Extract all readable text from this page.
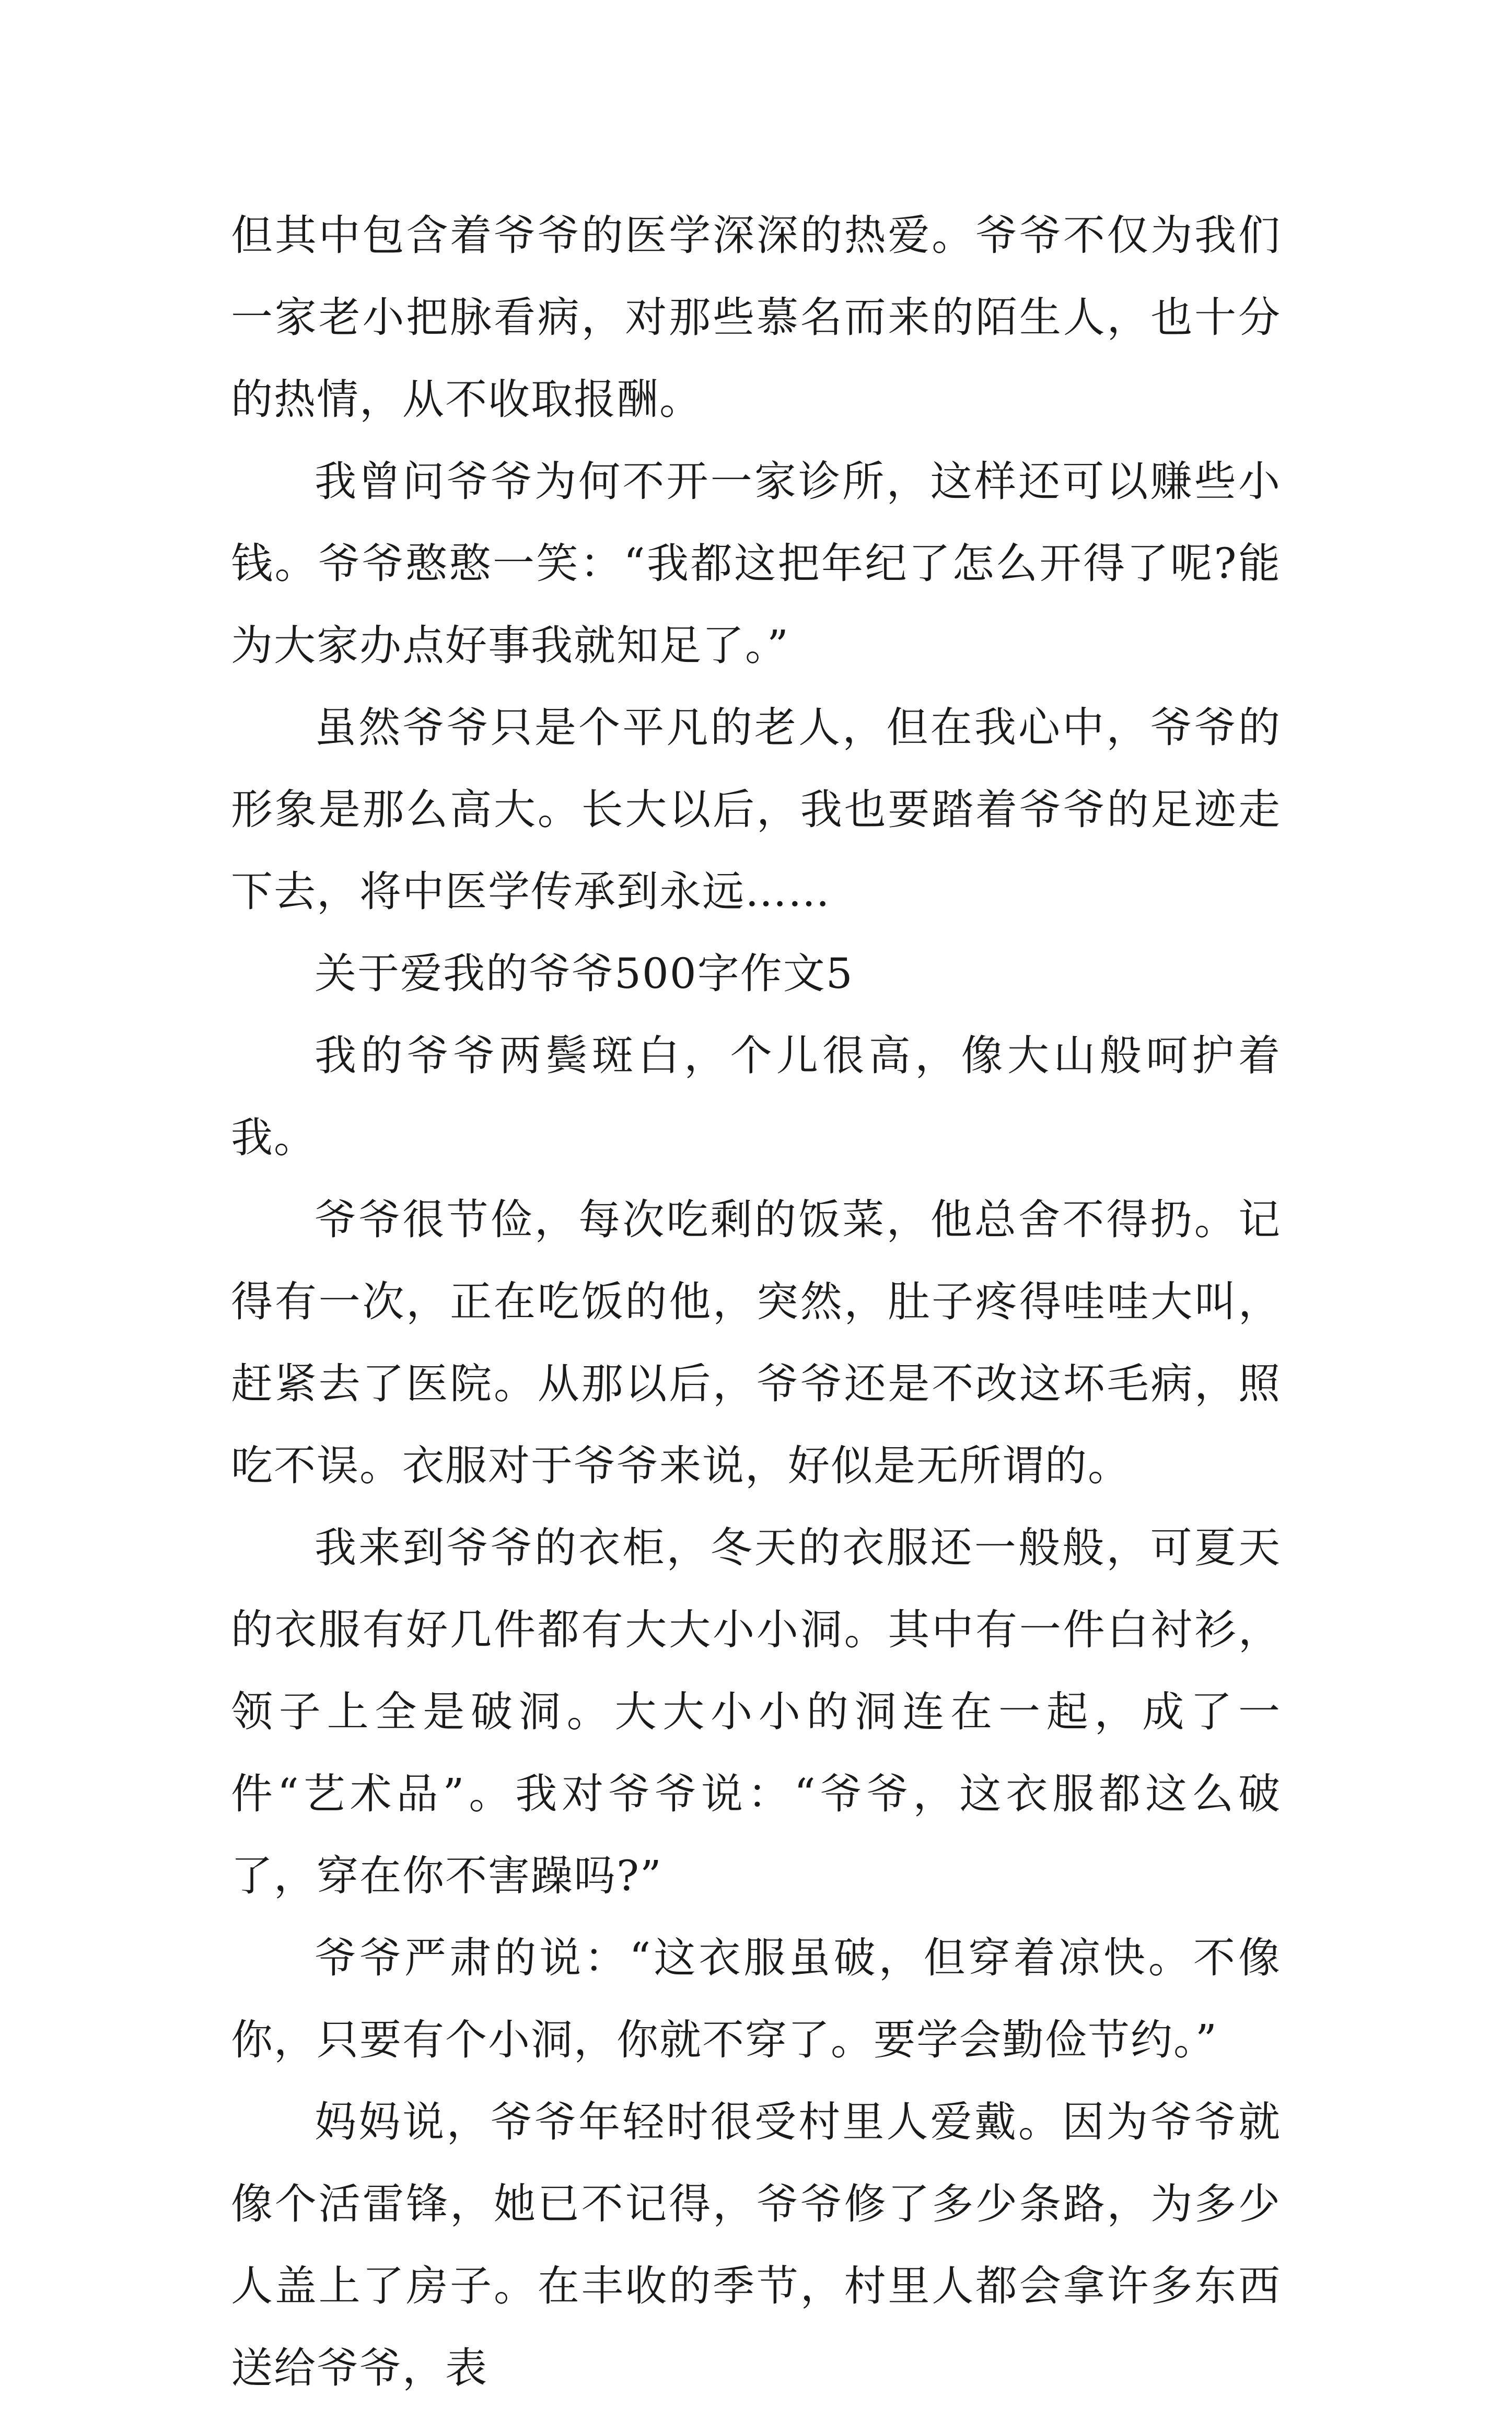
但其中包含着爷爷的医学深深的热爱。爷爷不仅为我们一家老小把脉看病，对那些慕名而来的陌生人，也十分的热情，从不收取报酬。

我曾问爷爷为何不开一家诊所，这样还可以赚些小钱。爷爷憨憨一笑：“我都这把年纪了怎么开得了呢?能为大家办点好事我就知足了。”

虽然爷爷只是个平凡的老人，但在我心中，爷爷的形象是那么高大。长大以后，我也要踏着爷爷的足迹走下去，将中医学传承到永远……

关于爱我的爷爷500字作文5

我的爷爷两鬓斑白，个儿很高，像大山般呵护着我。

爷爷很节俭，每次吃剩的饭菜，他总舍不得扔。记得有一次，正在吃饭的他，突然，肚子疼得哇哇大叫，赶紧去了医院。从那以后，爷爷还是不改这坏毛病，照吃不误。衣服对于爷爷来说，好似是无所谓的。

我来到爷爷的衣柜，冬天的衣服还一般般，可夏天的衣服有好几件都有大大小小洞。其中有一件白衬衫，领子上全是破洞。大大小小的洞连在一起，成了一件“艺术品”。我对爷爷说：“爷爷，这衣服都这么破了，穿在你不害躁吗?”

爷爷严肃的说：“这衣服虽破，但穿着凉快。不像你，只要有个小洞，你就不穿了。要学会勤俭节约。”

妈妈说，爷爷年轻时很受村里人爱戴。因为爷爷就像个活雷锋，她已不记得，爷爷修了多少条路，为多少人盖上了房子。在丰收的季节，村里人都会拿许多东西送给爷爷，表
